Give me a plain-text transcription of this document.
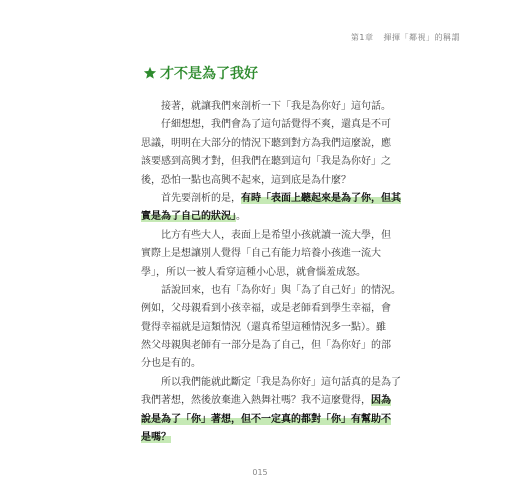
第1章 揮揮「鄰視」的稱謂
才不是為了我好
　　接著，就讓我們來剖析一下「我是為你好」這句話。
　　仔細想想，我們會為了這句話覺得不爽，還真是不可
思議，明明在大部分的情況下聽到對方為我們這麼說，應
該要感到高興才對，但我們在聽到這句「我是為你好」之
後，恐怕一點也高興不起來，這到底是為什麼？
　　首先要剖析的是，有時「表面上聽起來是為了你，但其
實是為了自己的狀況」。
　　比方有些大人，表面上是希望小孩就讀一流大學，但
實際上是想讓別人覺得「自己有能力培養小孩進一流大
學」，所以一被人看穿這種小心思，就會惱羞成怒。
　　話說回來，也有「為你好」與「為了自己好」的情況。
例如，父母親看到小孩幸福，或是老師看到學生幸福，會
覺得幸福就是這類情況（還真希望這種情況多一點）。雖
然父母親與老師有一部分是為了自己，但「為你好」的部
分也是有的。
　　所以我們能就此斷定「我是為你好」這句話真的是為了
我們著想，然後放棄進入熱舞社嗎？我不這麼覺得，因為
說是為了「你」著想，但不一定真的都對「你」有幫助不
是嗎？
015
